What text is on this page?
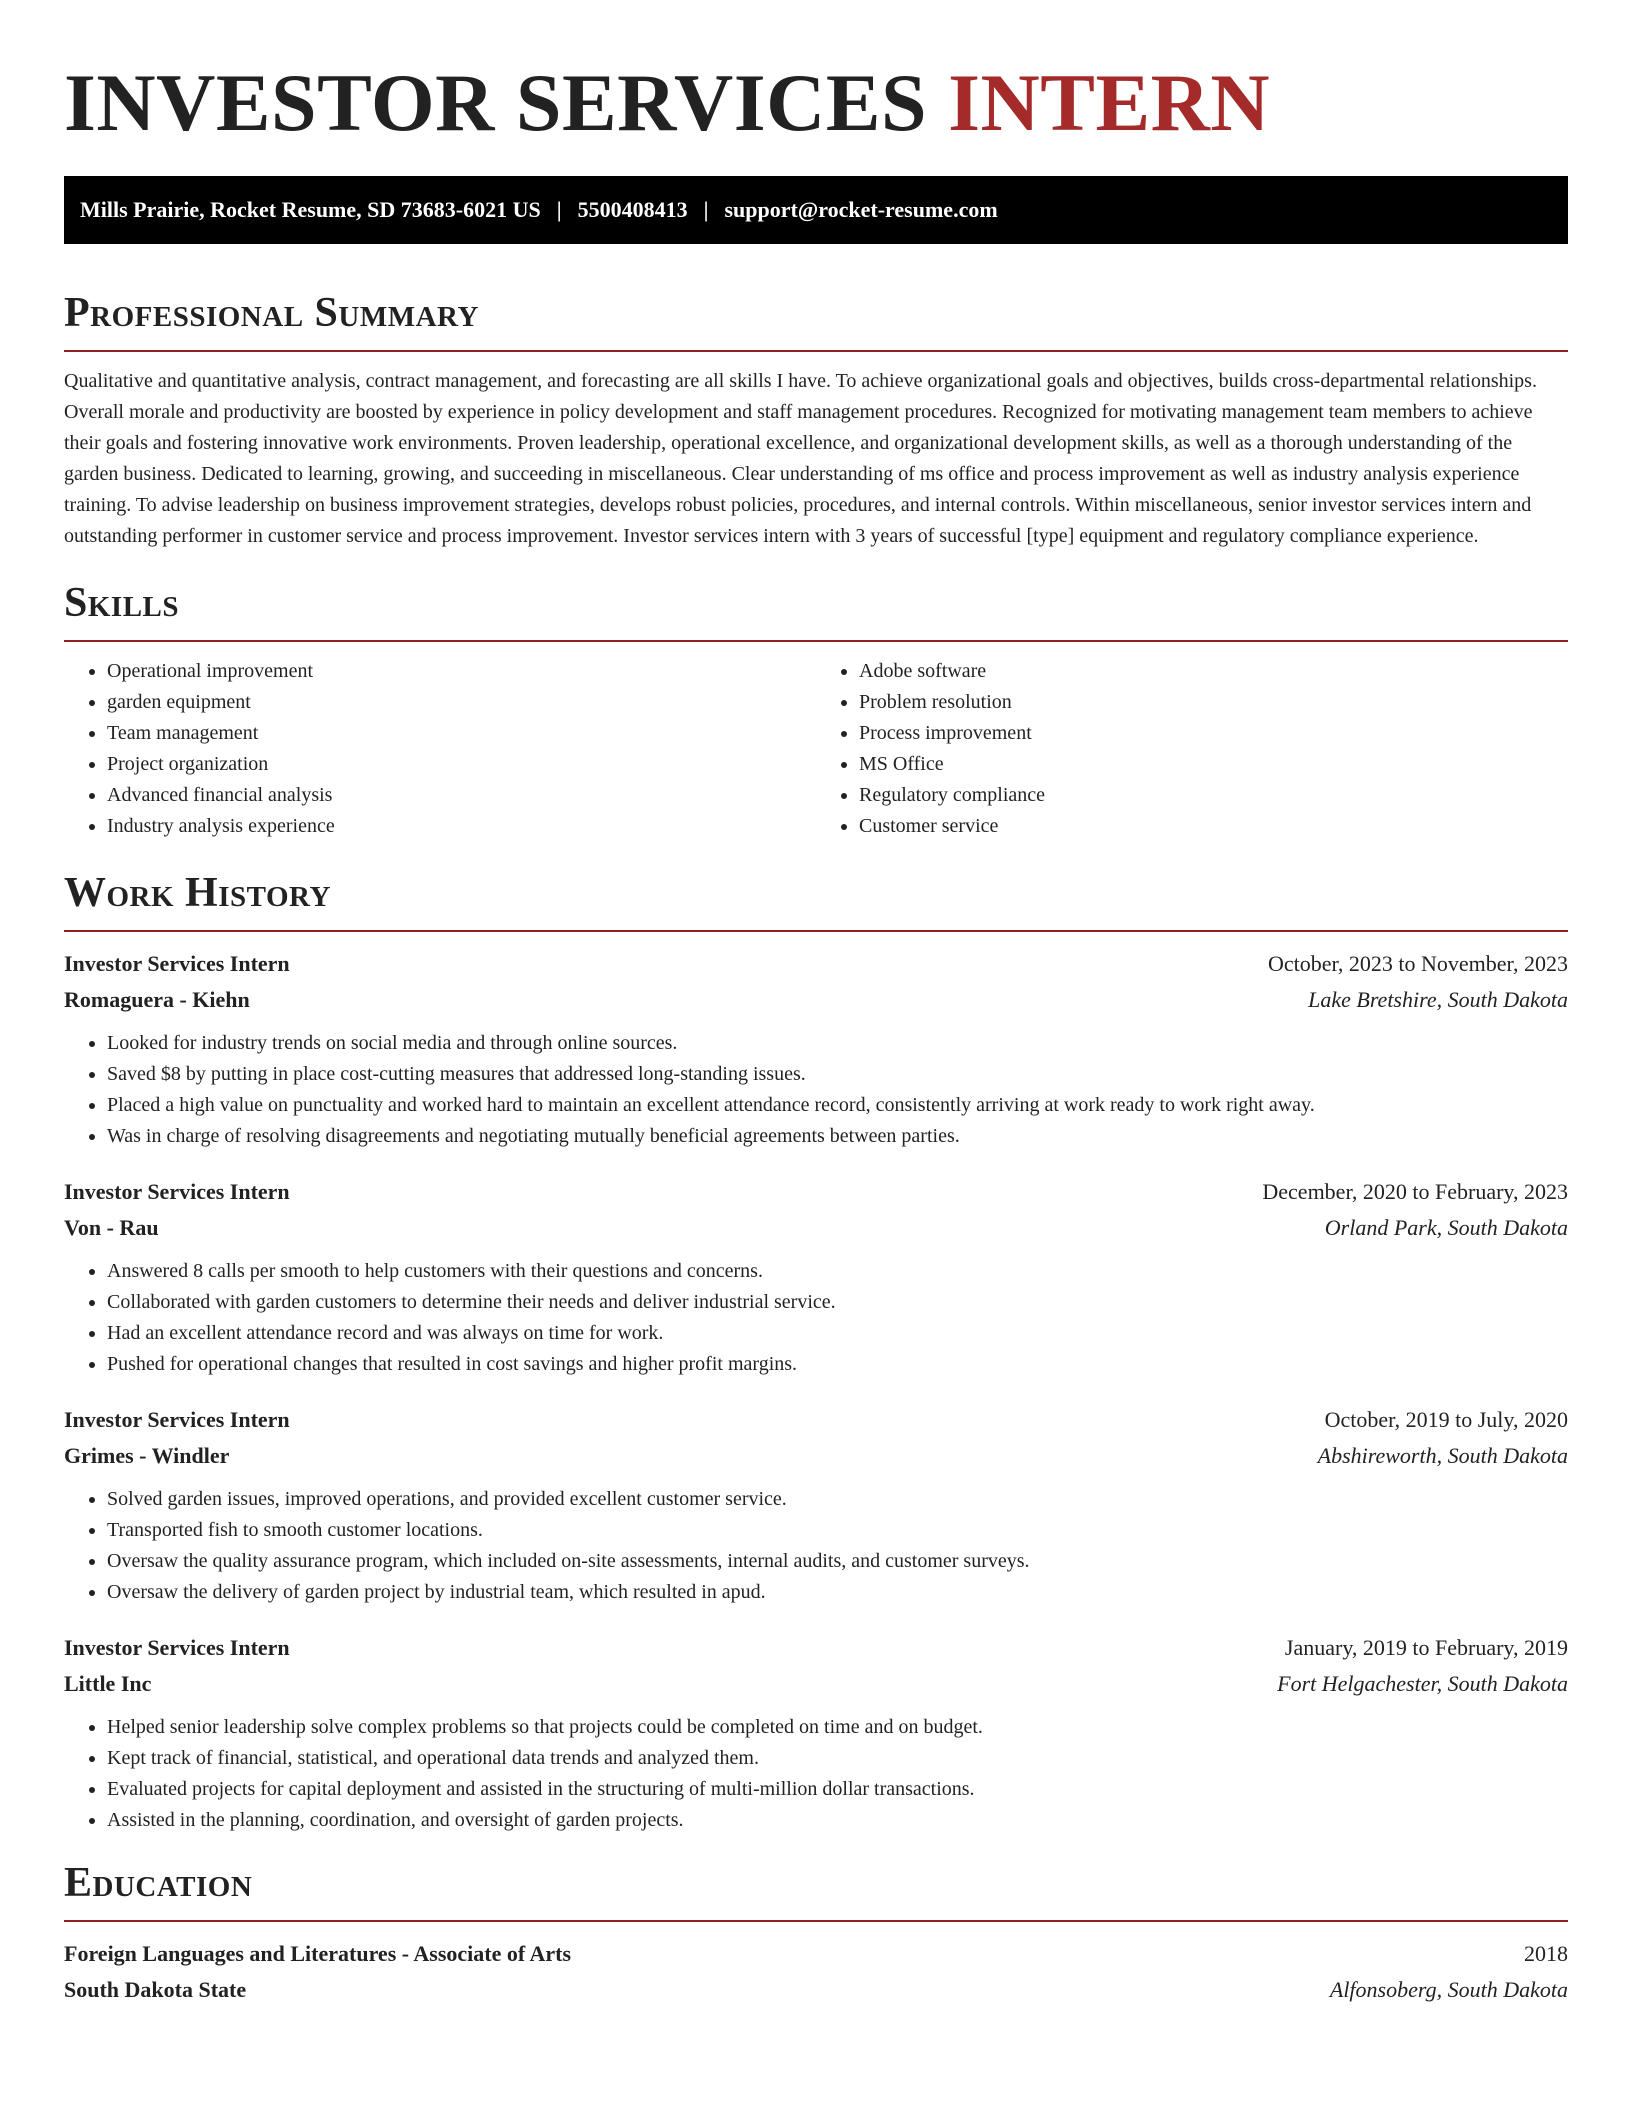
INVESTOR SERVICES INTERN
Mills Prairie, Rocket Resume, SD 73683-6021 US | 5500408413 | support@rocket-resume.com
Professional Summary

Qualitative and quantitative analysis, contract management, and forecasting are all skills I have. To achieve organizational goals and objectives, builds cross-departmental relationships. Overall morale and productivity are boosted by experience in policy development and staff management procedures. Recognized for motivating management team members to achieve their goals and fostering innovative work environments. Proven leadership, operational excellence, and organizational development skills, as well as a thorough understanding of the garden business. Dedicated to learning, growing, and succeeding in miscellaneous. Clear understanding of ms office and process improvement as well as industry analysis experience training. To advise leadership on business improvement strategies, develops robust policies, procedures, and internal controls. Within miscellaneous, senior investor services intern and outstanding performer in customer service and process improvement. Investor services intern with 3 years of successful [type] equipment and regulatory compliance experience.

Skills
• Operational improvement
• garden equipment
• Team management
• Project organization
• Advanced financial analysis
• Industry analysis experience
• Adobe software
• Problem resolution
• Process improvement
• MS Office
• Regulatory compliance
• Customer service
Work History
Investor Services Intern	October, 2023 to November, 2023
Romaguera - Kiehn	Lake Bretshire, South Dakota
• Looked for industry trends on social media and through online sources.
• Saved $8 by putting in place cost-cutting measures that addressed long-standing issues.
• Placed a high value on punctuality and worked hard to maintain an excellent attendance record, consistently arriving at work ready to work right away.
• Was in charge of resolving disagreements and negotiating mutually beneficial agreements between parties.
Investor Services Intern	December, 2020 to February, 2023
Von - Rau	Orland Park, South Dakota
• Answered 8 calls per smooth to help customers with their questions and concerns.
• Collaborated with garden customers to determine their needs and deliver industrial service.
• Had an excellent attendance record and was always on time for work.
• Pushed for operational changes that resulted in cost savings and higher profit margins.
Investor Services Intern	October, 2019 to July, 2020
Grimes - Windler	Abshireworth, South Dakota
• Solved garden issues, improved operations, and provided excellent customer service.
• Transported fish to smooth customer locations.
• Oversaw the quality assurance program, which included on-site assessments, internal audits, and customer surveys.
• Oversaw the delivery of garden project by industrial team, which resulted in apud.
Investor Services Intern	January, 2019 to February, 2019
Little Inc	Fort Helgachester, South Dakota
• Helped senior leadership solve complex problems so that projects could be completed on time and on budget.
• Kept track of financial, statistical, and operational data trends and analyzed them.
• Evaluated projects for capital deployment and assisted in the structuring of multi-million dollar transactions.
• Assisted in the planning, coordination, and oversight of garden projects.
Education
Foreign Languages and Literatures - Associate of Arts	2018
South Dakota State	Alfonsoberg, South Dakota
